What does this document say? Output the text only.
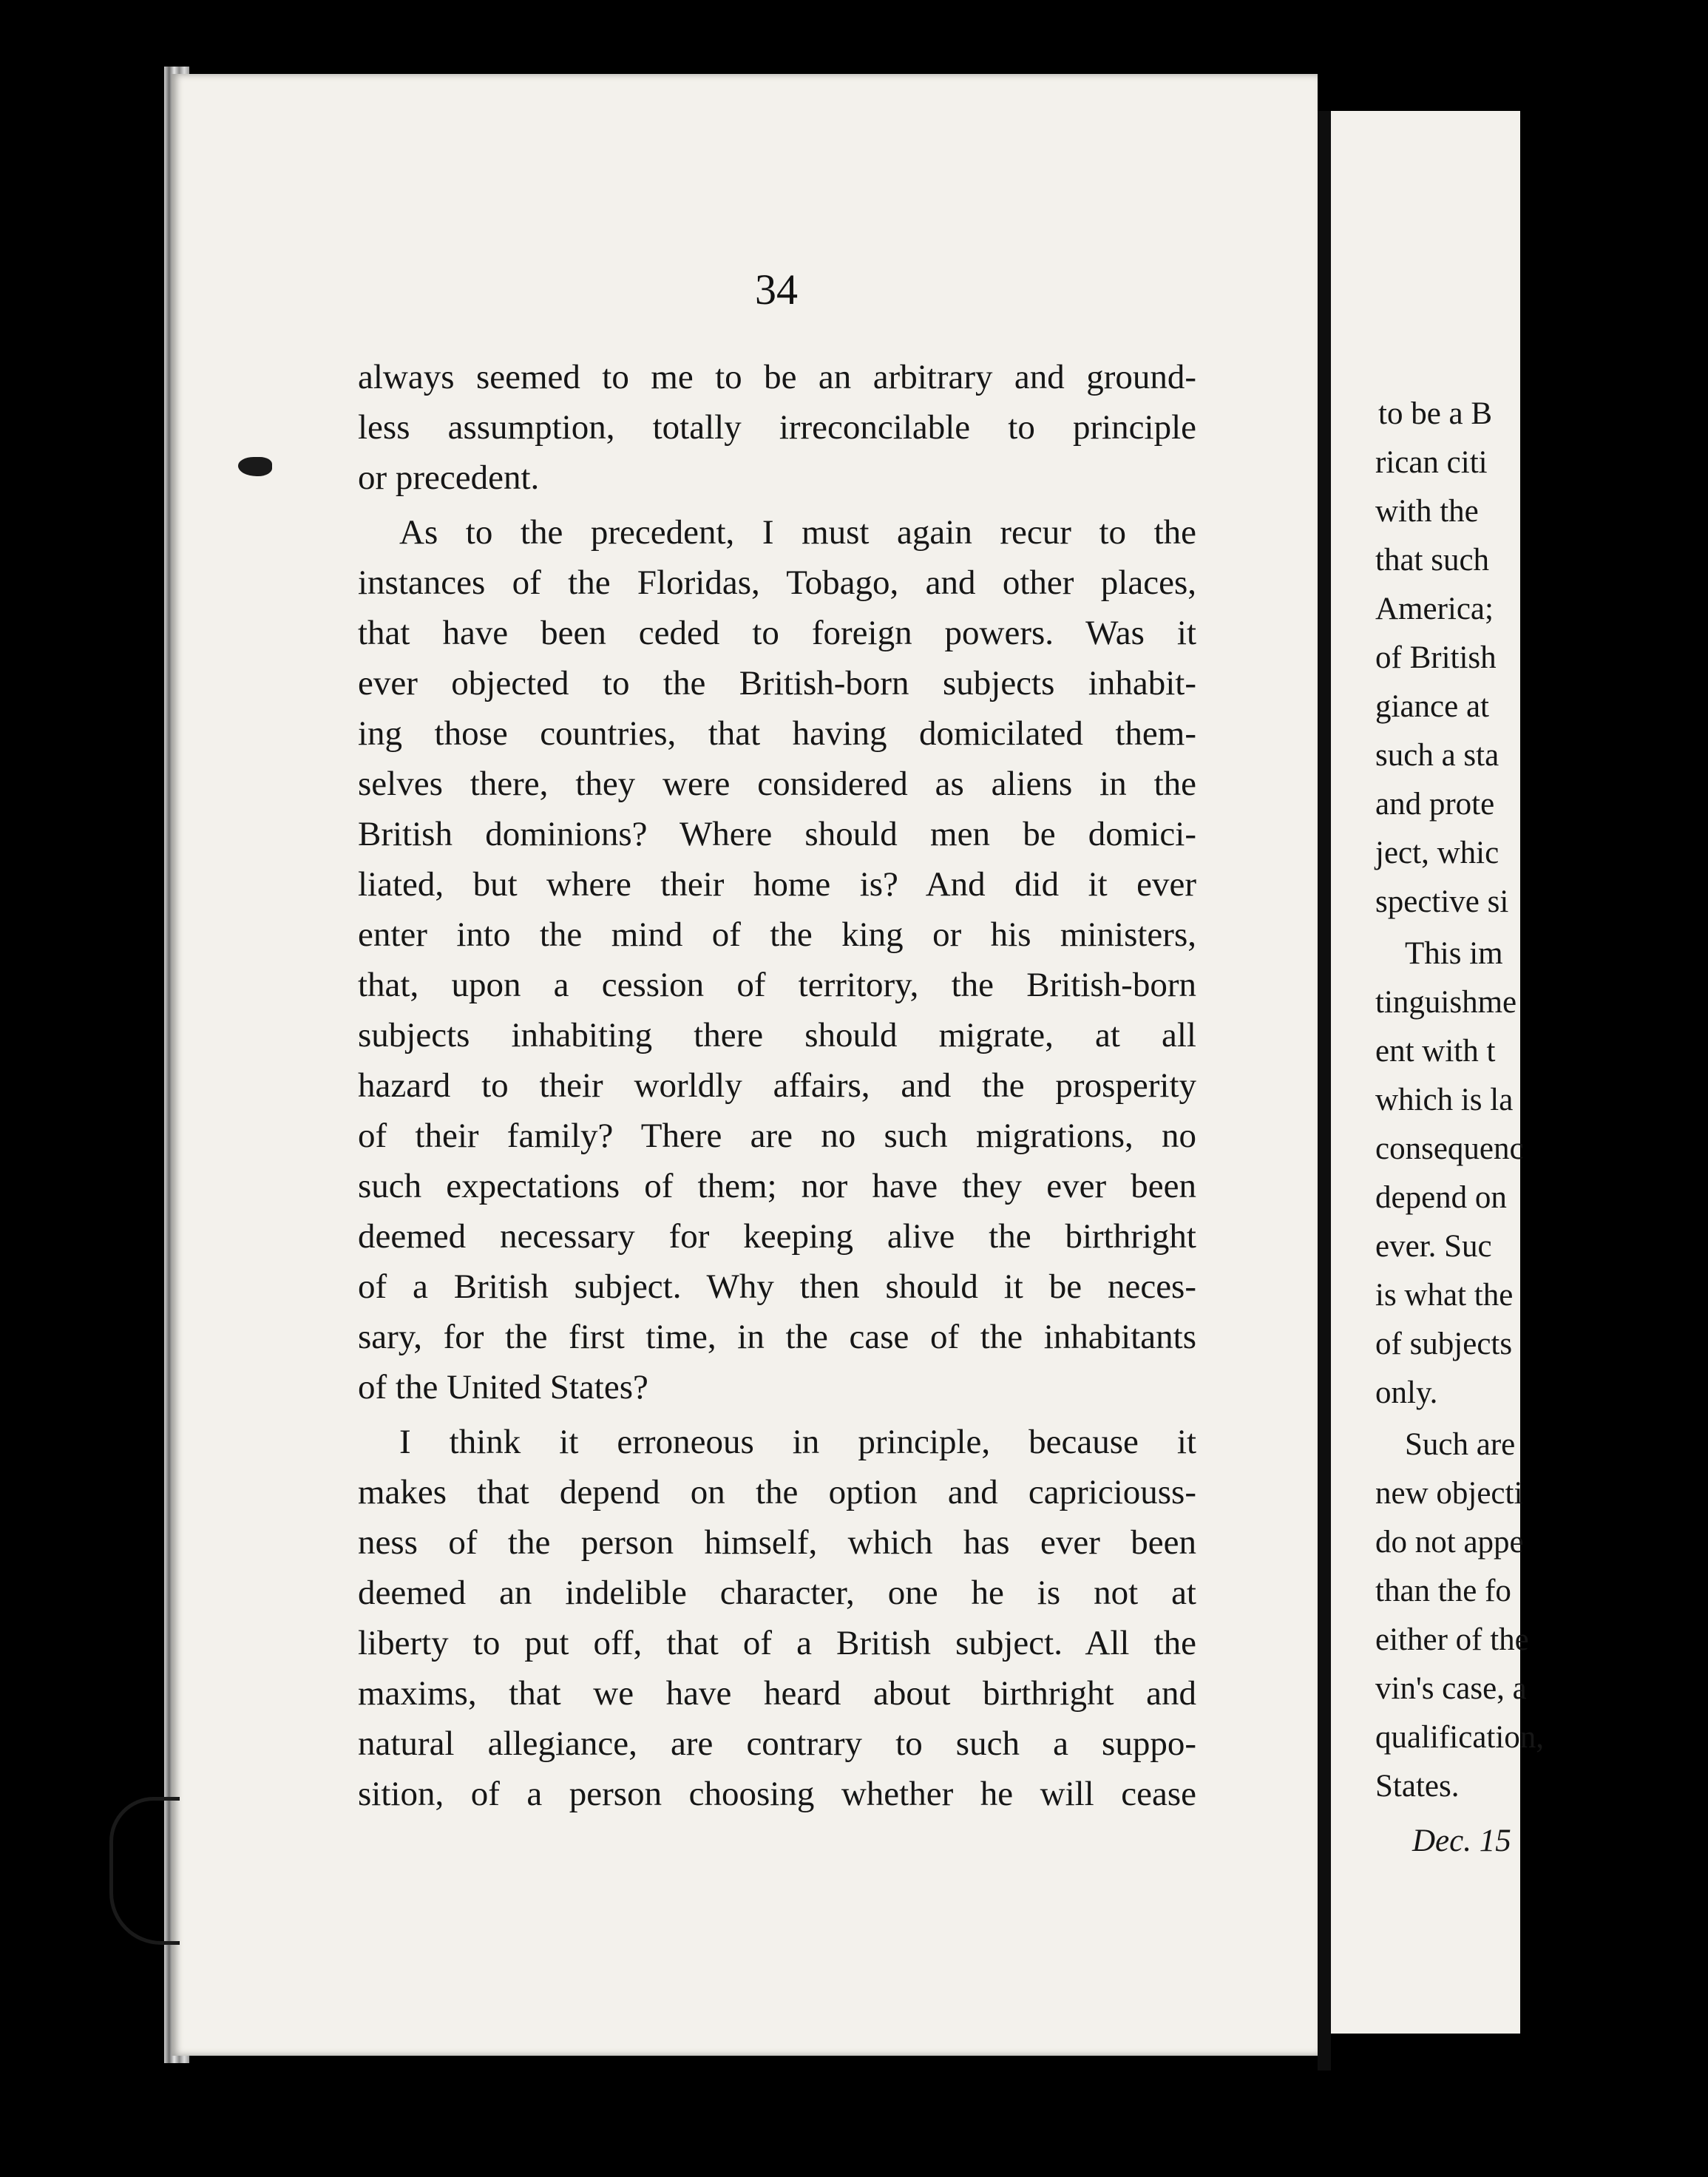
34
always seemed to me to be an arbitrary and ground-
less assumption, totally irreconcilable to principle
or precedent.
As to the precedent, I must again recur to the
instances of the Floridas, Tobago, and other places,
that have been ceded to foreign powers. Was it
ever objected to the British-born subjects inhabit-
ing those countries, that having domicilated them-
selves there, they were considered as aliens in the
British dominions? Where should men be domici-
liated, but where their home is? And did it ever
enter into the mind of the king or his ministers,
that, upon a cession of territory, the British-born
subjects inhabiting there should migrate, at all
hazard to their worldly affairs, and the prosperity
of their family? There are no such migrations, no
such expectations of them; nor have they ever been
deemed necessary for keeping alive the birthright
of a British subject. Why then should it be neces-
sary, for the first time, in the case of the inhabitants
of the United States?
I think it erroneous in principle, because it
makes that depend on the option and capriciouss-
ness of the person himself, which has ever been
deemed an indelible character, one he is not at
liberty to put off, that of a British subject. All the
maxims, that we have heard about birthright and
natural allegiance, are contrary to such a suppo-
sition, of a person choosing whether he will cease
to be a B
rican citi
with the
that such
America;
of British
giance at
such a sta
and prote
ject, whic
spective si
This im
tinguishme
ent with t
which is la
consequenc
depend on
ever. Suc
is what the
of subjects
only.
Such are
new objecti
do not appe
than the fo
either of the
vin's case, a
qualification,
States.
Dec. 15
